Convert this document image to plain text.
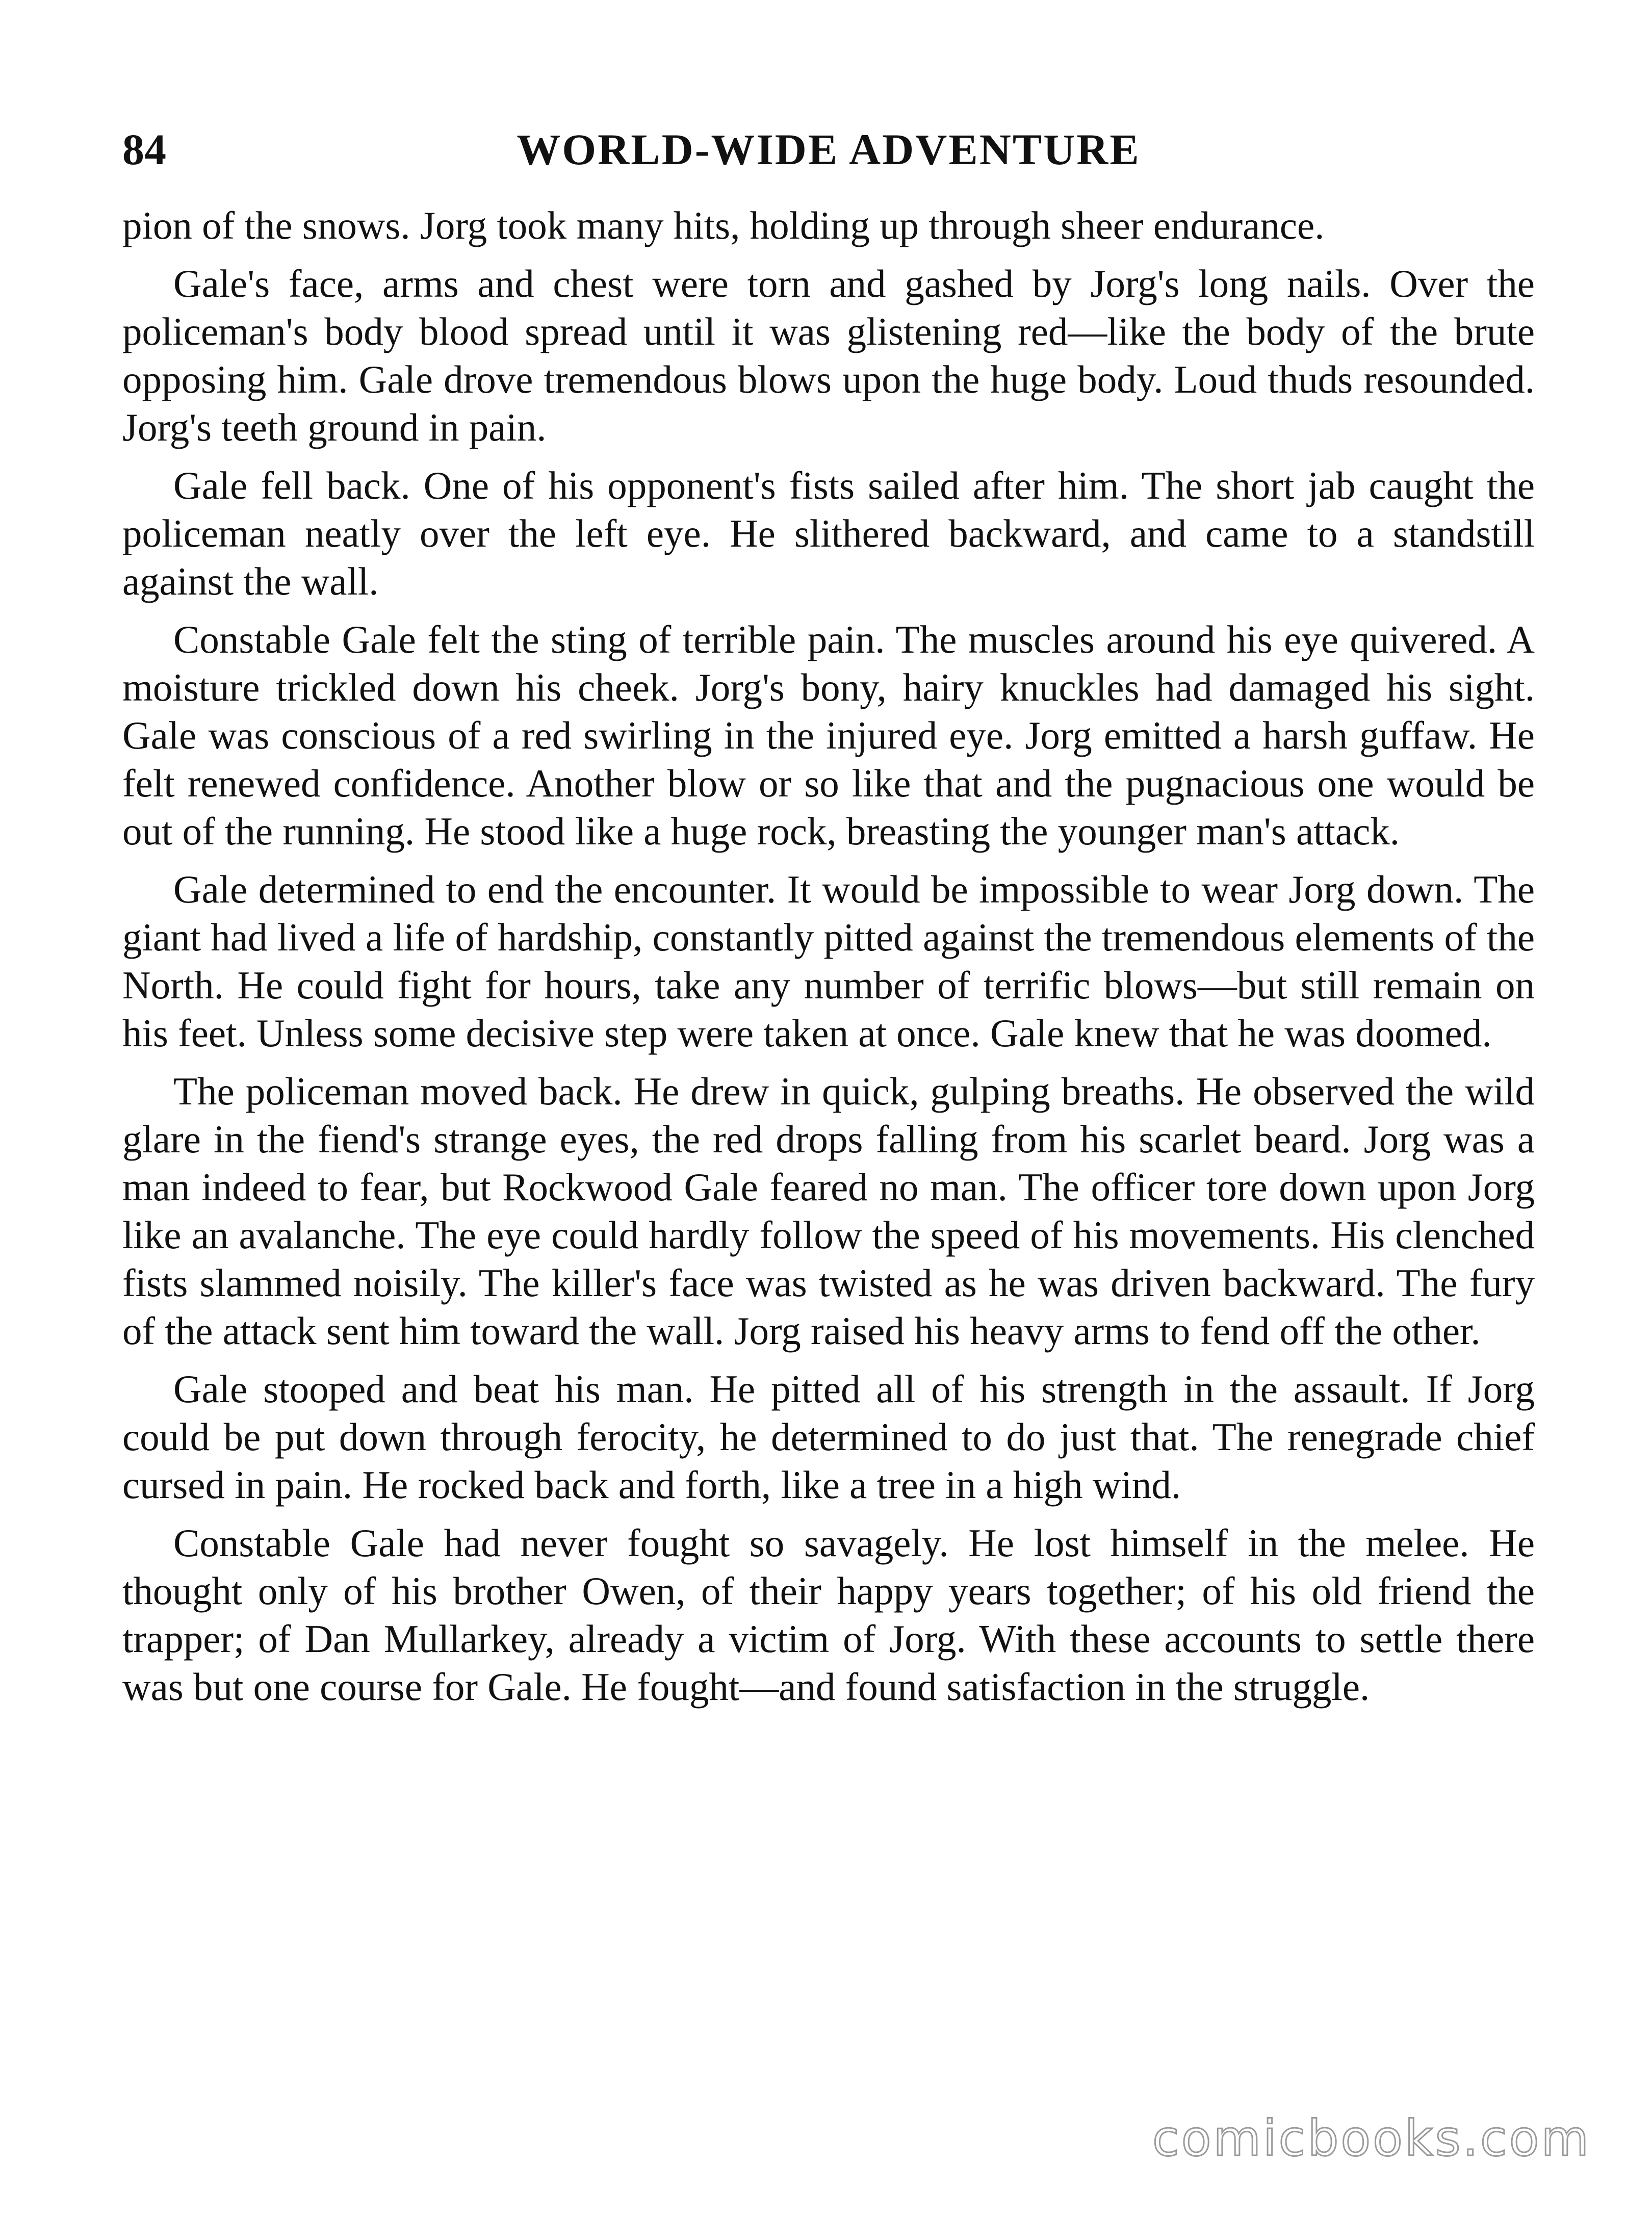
84	WORLD-WIDE ADVENTURE

pion of the snows. Jorg took many hits, holding up through sheer endurance.

Gale's face, arms and chest were torn and gashed by Jorg's long nails. Over the policeman's body blood spread until it was glistening red—like the body of the brute opposing him. Gale drove tremendous blows upon the huge body. Loud thuds resounded. Jorg's teeth ground in pain.

Gale fell back. One of his opponent's fists sailed after him. The short jab caught the policeman neatly over the left eye. He slithered backward, and came to a standstill against the wall.

Constable Gale felt the sting of terrible pain. The muscles around his eye quivered. A moisture trickled down his cheek. Jorg's bony, hairy knuckles had damaged his sight. Gale was conscious of a red swirling in the injured eye. Jorg emitted a harsh guffaw. He felt renewed confidence. Another blow or so like that and the pugnacious one would be out of the running. He stood like a huge rock, breasting the younger man's attack.

Gale determined to end the encounter. It would be impossible to wear Jorg down. The giant had lived a life of hardship, constantly pitted against the tremendous elements of the North. He could fight for hours, take any number of terrific blows—but still remain on his feet. Unless some decisive step were taken at once. Gale knew that he was doomed.

The policeman moved back. He drew in quick, gulping breaths. He observed the wild glare in the fiend's strange eyes, the red drops falling from his scarlet beard. Jorg was a man indeed to fear, but Rockwood Gale feared no man. The officer tore down upon Jorg like an avalanche. The eye could hardly follow the speed of his movements. His clenched fists slammed noisily. The killer's face was twisted as he was driven backward. The fury of the attack sent him toward the wall. Jorg raised his heavy arms to fend off the other.

Gale stooped and beat his man. He pitted all of his strength in the assault. If Jorg could be put down through ferocity, he determined to do just that. The renegrade chief cursed in pain. He rocked back and forth, like a tree in a high wind.

Constable Gale had never fought so savagely. He lost himself in the melee. He thought only of his brother Owen, of their happy years together; of his old friend the trapper; of Dan Mullarkey, already a victim of Jorg. With these accounts to settle there was but one course for Gale. He fought—and found satisfaction in the struggle.

comicbooks.com
